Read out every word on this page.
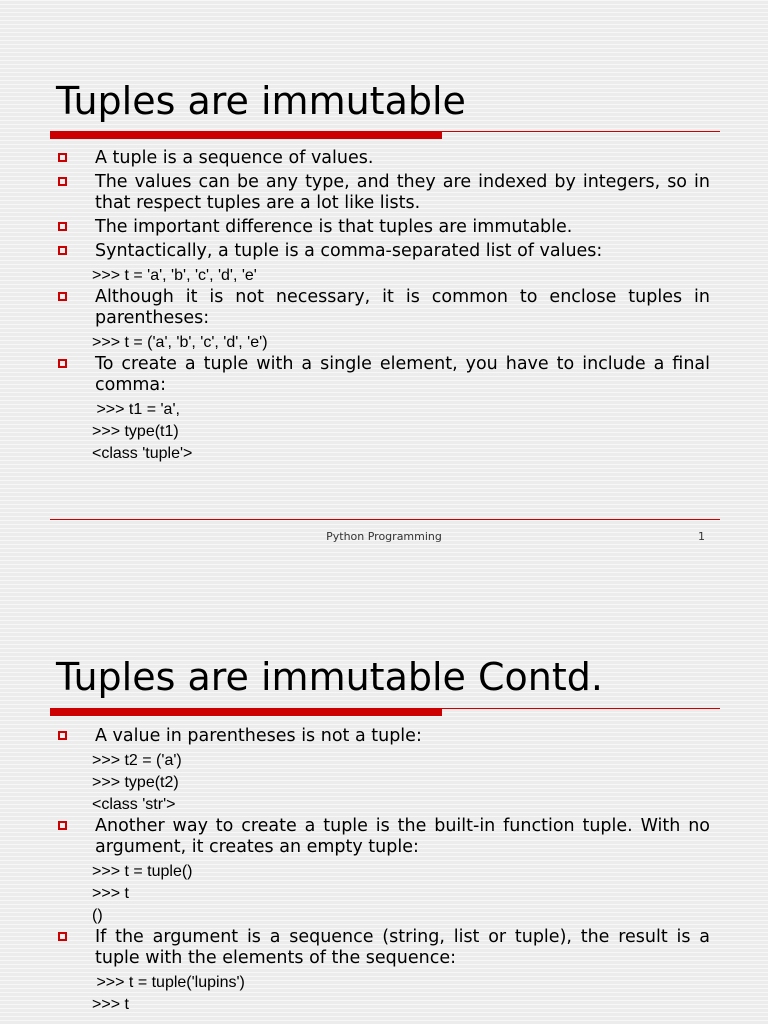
Tuples are immutable
A tuple is a sequence of values.
The values can be any type, and they are indexed by integers, so in that respect tuples are a lot like lists.
The important difference is that tuples are immutable.
Syntactically, a tuple is a comma-separated list of values:
>>> t = 'a', 'b', 'c', 'd', 'e'
Although it is not necessary, it is common to enclose tuples in parentheses:
>>> t = ('a', 'b', 'c', 'd', 'e')
To create a tuple with a single element, you have to include a final comma:
>>> t1 = 'a',
>>> type(t1)
<class 'tuple'>
Python Programming	1
Tuples are immutable Contd.
A value in parentheses is not a tuple:
>>> t2 = ('a')
>>> type(t2)
<class 'str'>
Another way to create a tuple is the built-in function tuple. With no argument, it creates an empty tuple:
>>> t = tuple()
>>> t
()
If the argument is a sequence (string, list or tuple), the result is a tuple with the elements of the sequence:
>>> t = tuple('lupins')
>>> t
